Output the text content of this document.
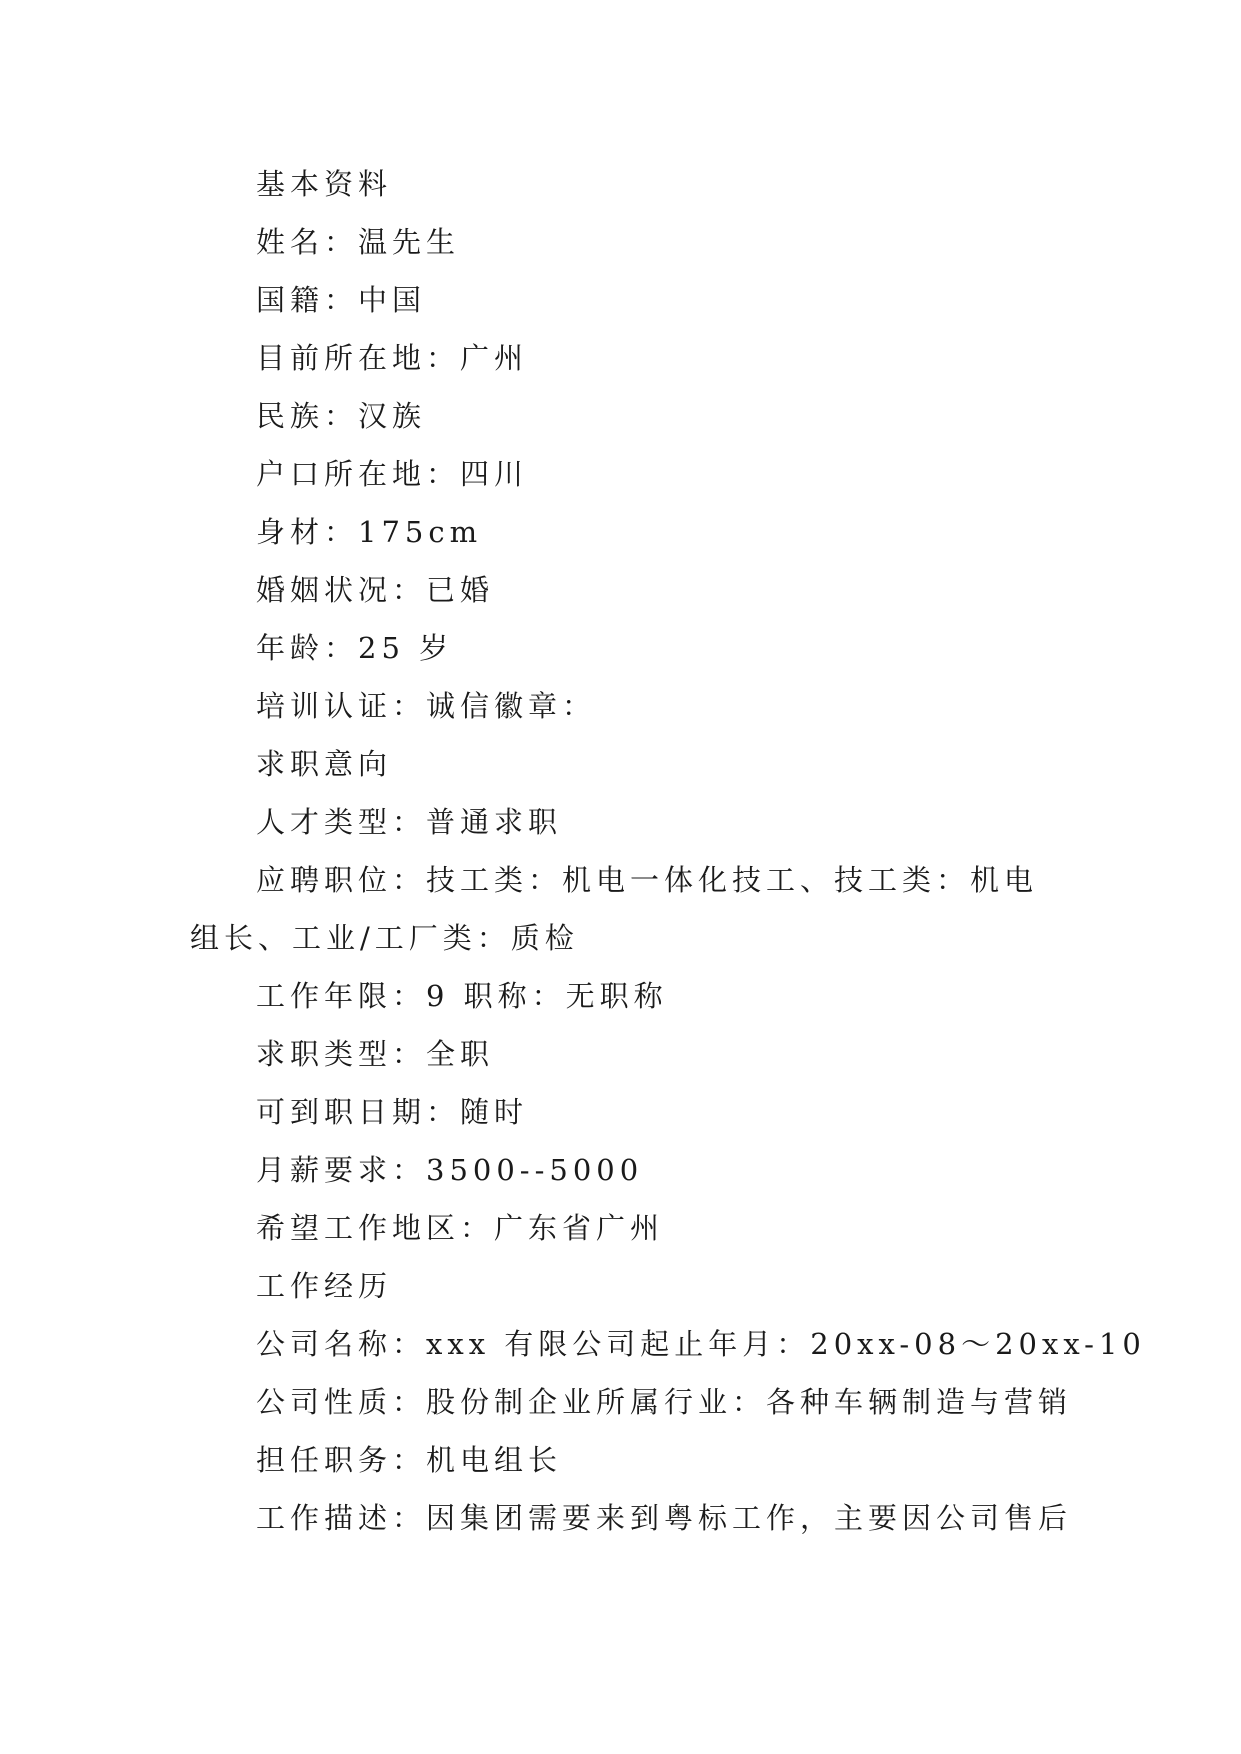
基本资料
姓名：温先生
国籍：中国
目前所在地：广州
民族：汉族
户口所在地：四川
身材：175cm
婚姻状况：已婚
年龄：25 岁
培训认证：诚信徽章：
求职意向
人才类型：普通求职
应聘职位：技工类：机电一体化技工、技工类：机电组长、工业/工厂类：质检
工作年限：9 职称：无职称
求职类型：全职
可到职日期：随时
月薪要求：3500--5000
希望工作地区：广东省广州
工作经历
公司名称：xxx 有限公司起止年月：20xx-08～20xx-10
公司性质：股份制企业所属行业：各种车辆制造与营销
担任职务：机电组长
工作描述：因集团需要来到粤标工作，主要因公司售后
